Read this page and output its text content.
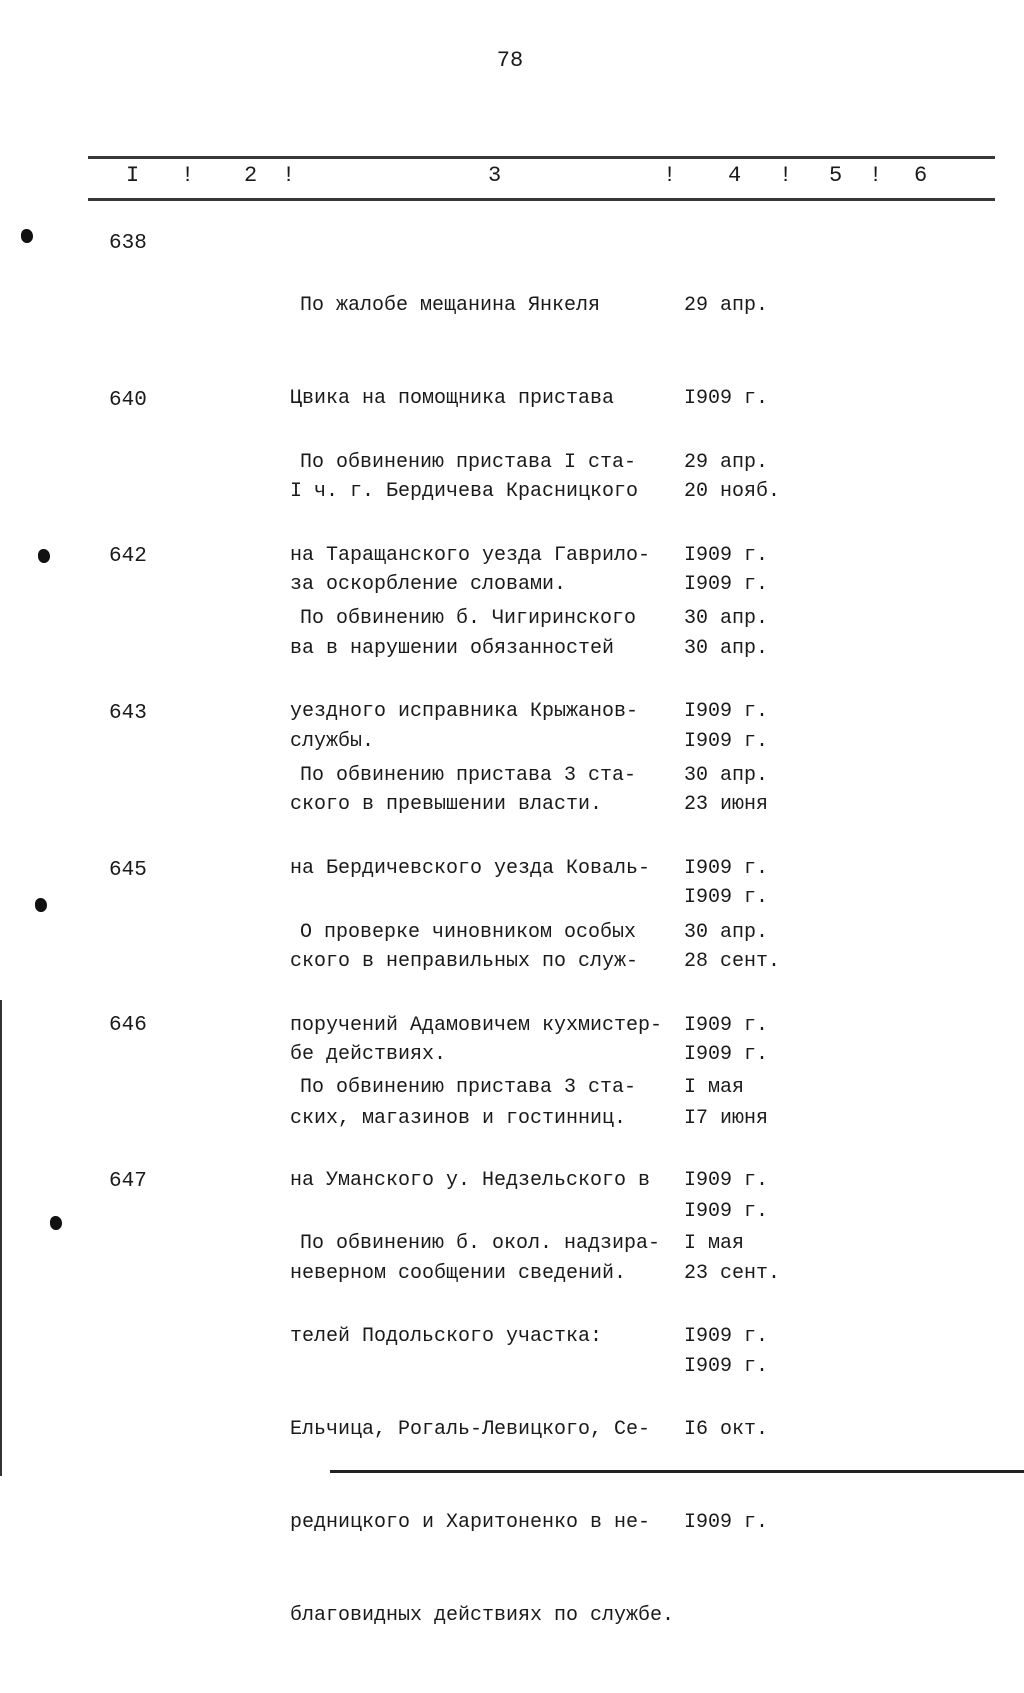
78
I ! 2 !	3	! 4 ! 5 ! 6
638

По жалобе мещанина Янкеля

Цвика на помощника пристава

I ч. г. Бердичева Красницкого

за оскорбление словами.

29 апр.

I909 г.

20 нояб.

I909 г.

640

По обвинению пристава I ста-

на Таращанского уезда Гаврило-

ва в нарушении обязанностей

службы.

29 апр.

I909 г.

30 апр.

I909 г.

642

По обвинению б. Чигиринского

уездного исправника Крыжанов-

ского в превышении власти.

30 апр.

I909 г.

23 июня

I909 г.

643

По обвинению пристава 3 ста-

на Бердичевского уезда Коваль-

ского в неправильных по служ-

бе действиях.

30 апр.

I909 г.

28 сент.

I909 г.

645

О проверке чиновником особых

поручений Адамовичем кухмистер-

ских, магазинов и гостинниц.

30 апр.

I909 г.

I7 июня

I909 г.

646

По обвинению пристава 3 ста-

на Уманского у. Недзельского в

неверном сообщении сведений.

I мая

I909 г.

23 сент.

I909 г.

647

По обвинению б. окол. надзира-

телей Подольского участка:

Ельчица, Рогаль-Левицкого, Се-

редницкого и Харитоненко в не-

благовидных действиях по службе.

I мая

I909 г.

I6 окт.

I909 г.
